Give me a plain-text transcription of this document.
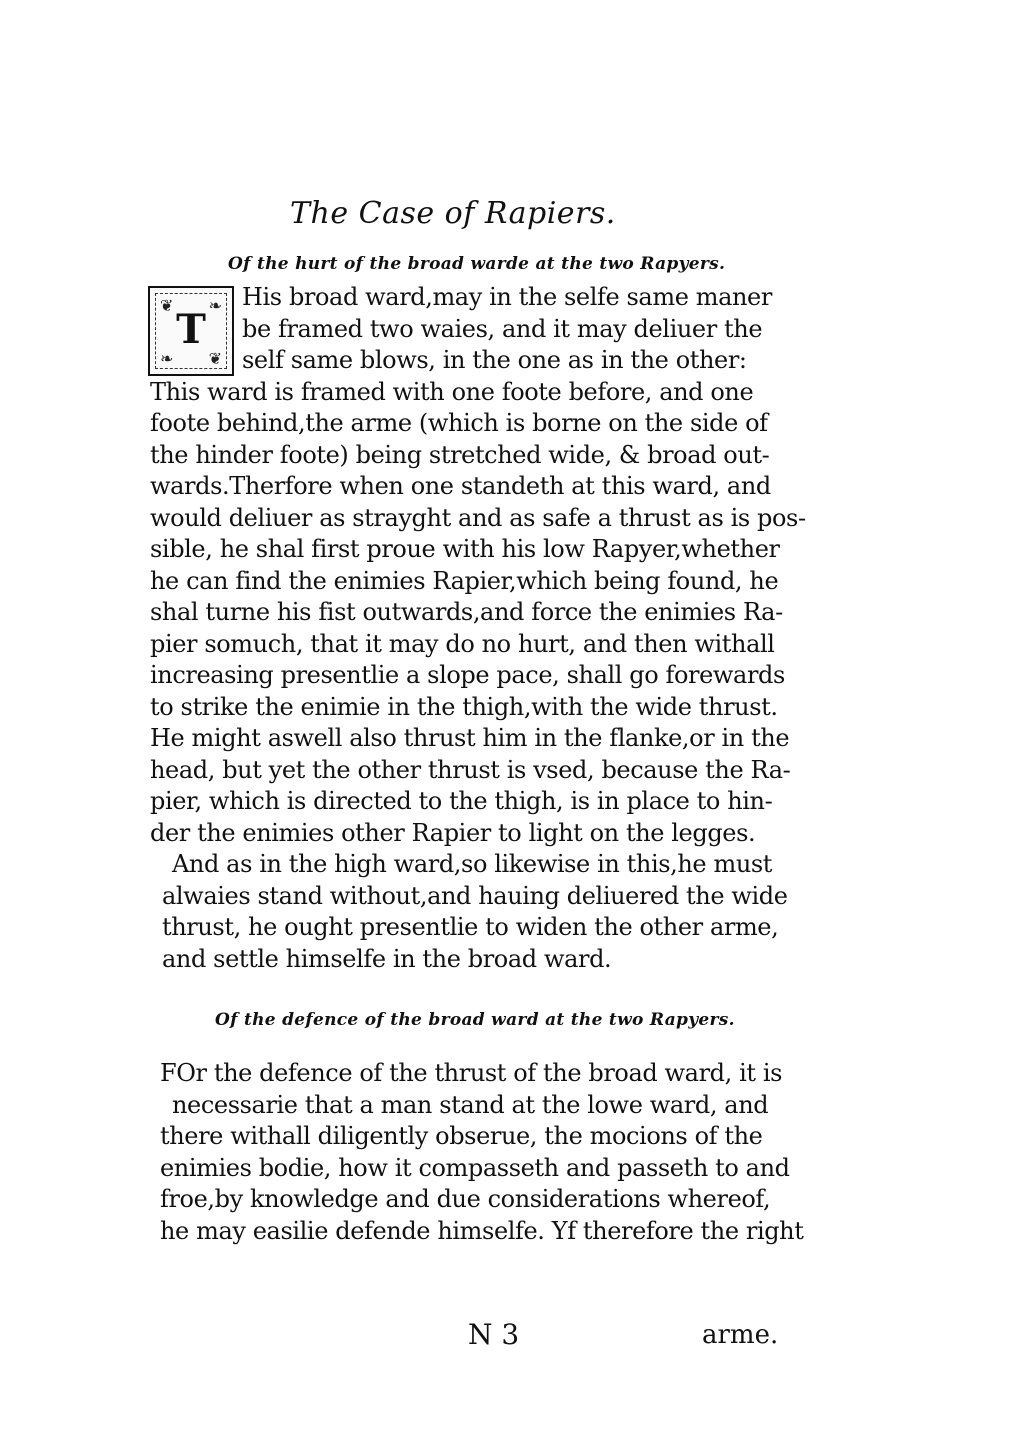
The Case of Rapiers.
Of the hurt of the broad warde at the two Rapyers.
❦ ❧
❧ ❦
T
His broad ward,may in the selfe same maner
be framed two waies, and it may deliuer the
self same blows, in the one as in the other:
This ward is framed with one foote before, and one
foote behind,the arme (which is borne on the side of
the hinder foote) being stretched wide, & broad out-
wards.Therfore when one standeth at this ward, and
would deliuer as strayght and as safe a thrust as is pos-
sible, he shal first proue with his low Rapyer,whether
he can find the enimies Rapier,which being found, he
shal turne his fist outwards,and force the enimies Ra-
pier somuch, that it may do no hurt, and then withall
increasing presentlie a slope pace, shall go forewards
to strike the enimie in the thigh,with the wide thrust.
He might aswell also thrust him in the flanke,or in the
head, but yet the other thrust is vsed, because the Ra-
pier, which is directed to the thigh, is in place to hin-
der the enimies other Rapier to light on the legges.
And as in the high ward,so likewise in this,he must
alwaies stand without,and hauing deliuered the wide
thrust, he ought presentlie to widen the other arme,
and settle himselfe in the broad ward.
Of the defence of the broad ward at the two Rapyers.
FOr the defence of the thrust of the broad ward, it is
necessarie that a man stand at the lowe ward, and
there withall diligently obserue, the mocions of the
enimies bodie, how it compasseth and passeth to and
froe,by knowledge and due considerations whereof,
he may easilie defende himselfe. Yf therefore the right
N 3	arme.
